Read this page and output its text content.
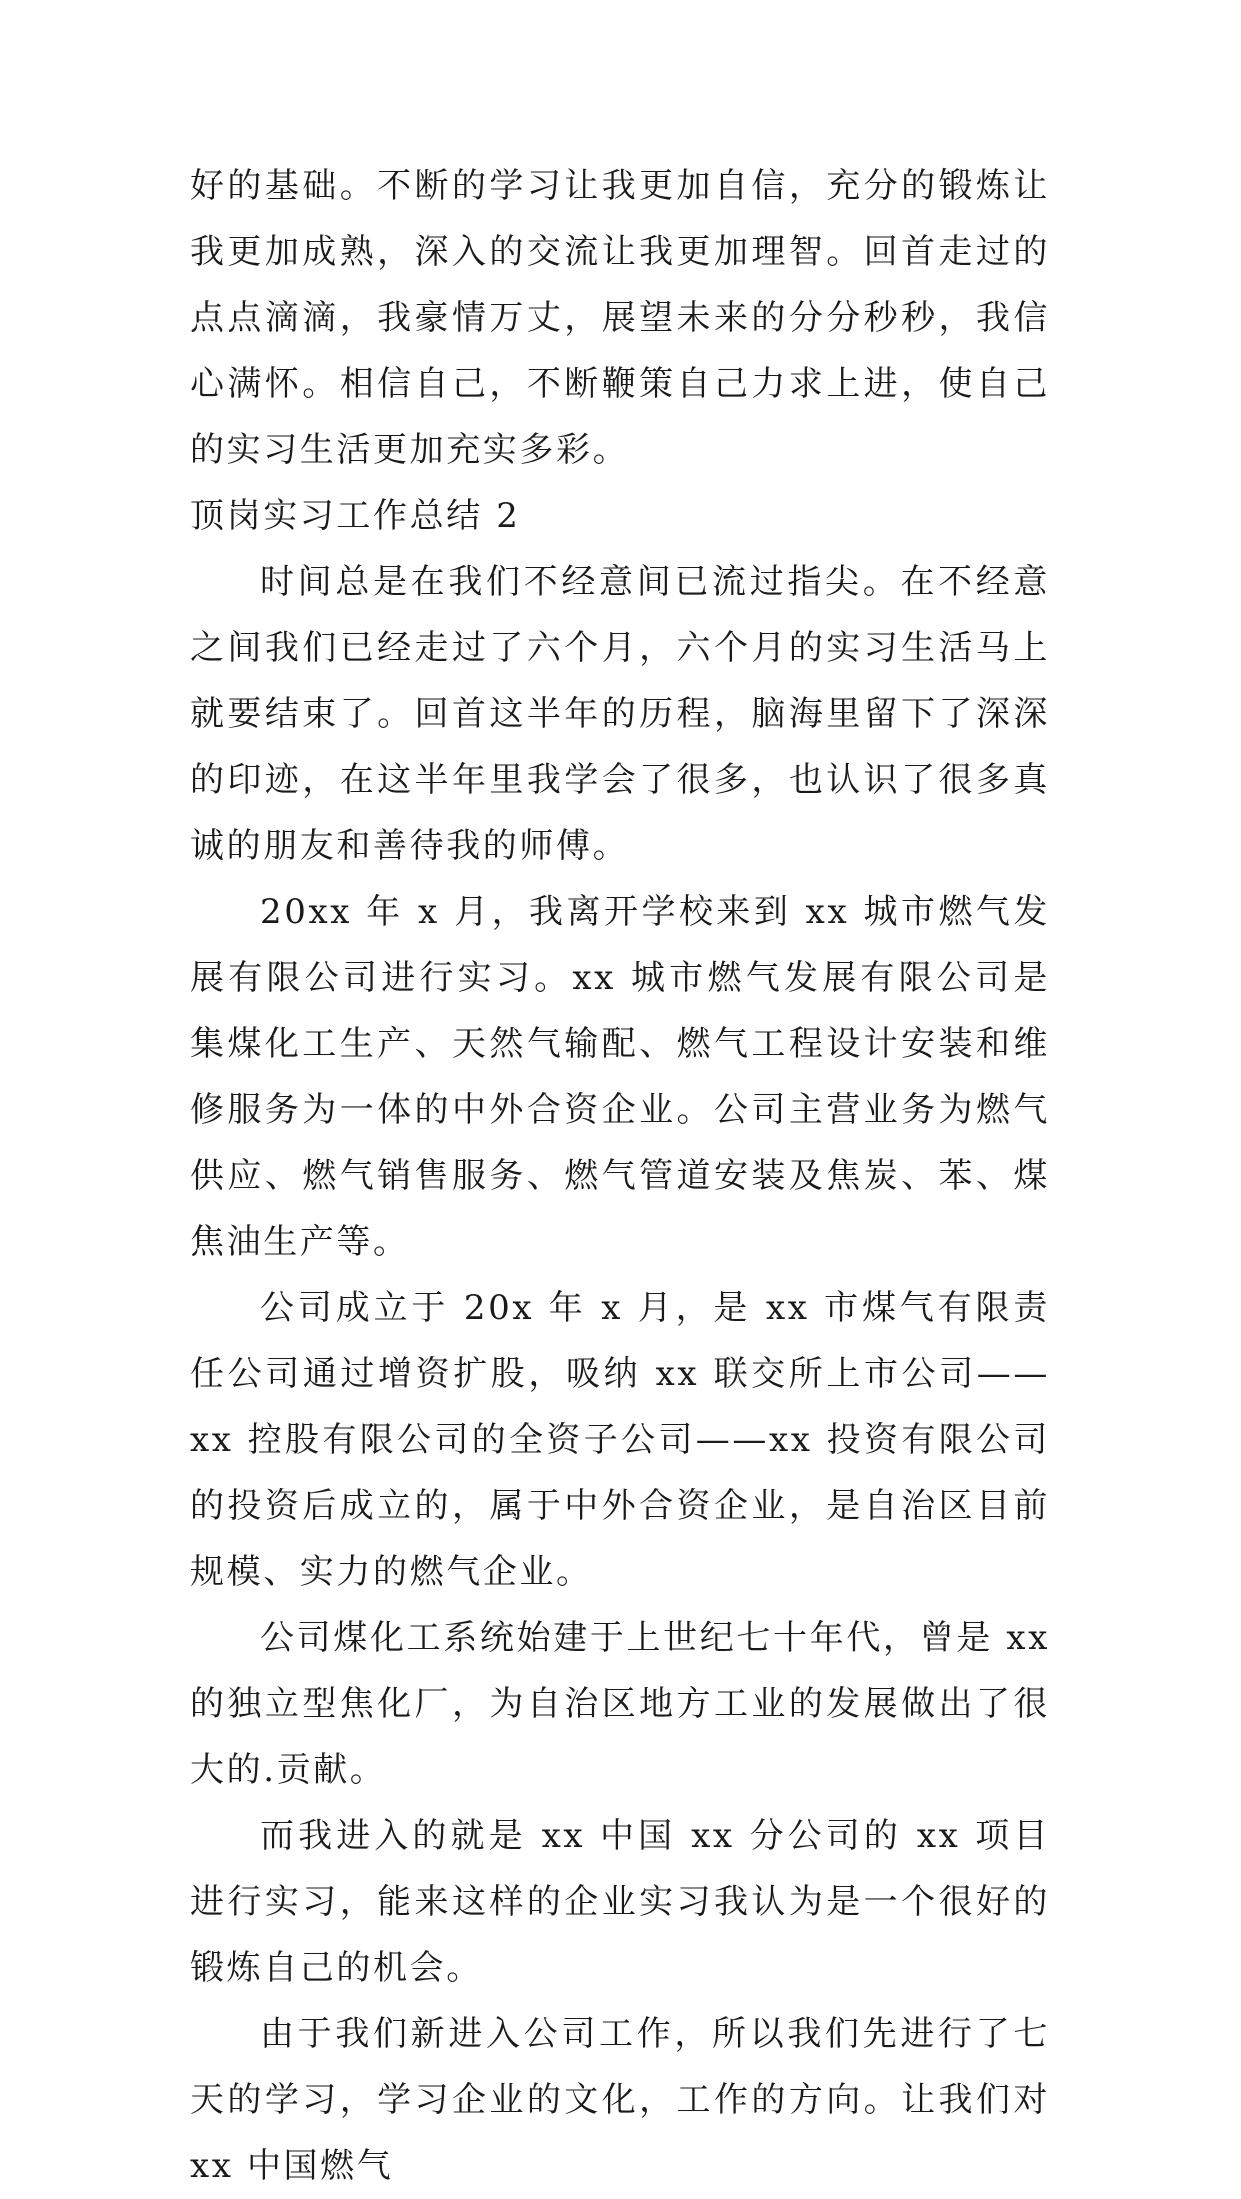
好的基础。不断的学习让我更加自信，充分的锻炼让我更加成熟，深入的交流让我更加理智。回首走过的点点滴滴，我豪情万丈，展望未来的分分秒秒，我信心满怀。相信自己，不断鞭策自己力求上进，使自己的实习生活更加充实多彩。

顶岗实习工作总结 2

时间总是在我们不经意间已流过指尖。在不经意之间我们已经走过了六个月，六个月的实习生活马上就要结束了。回首这半年的历程，脑海里留下了深深的印迹，在这半年里我学会了很多，也认识了很多真诚的朋友和善待我的师傅。

20xx 年 x 月，我离开学校来到 xx 城市燃气发展有限公司进行实习。xx 城市燃气发展有限公司是集煤化工生产、天然气输配、燃气工程设计安装和维修服务为一体的中外合资企业。公司主营业务为燃气供应、燃气销售服务、燃气管道安装及焦炭、苯、煤焦油生产等。

公司成立于 20x 年 x 月，是 xx 市煤气有限责任公司通过增资扩股，吸纳 xx 联交所上市公司——xx 控股有限公司的全资子公司——xx 投资有限公司的投资后成立的，属于中外合资企业，是自治区目前规模、实力的燃气企业。

公司煤化工系统始建于上世纪七十年代，曾是 xx 的独立型焦化厂，为自治区地方工业的发展做出了很大的.贡献。

而我进入的就是 xx 中国 xx 分公司的 xx 项目进行实习，能来这样的企业实习我认为是一个很好的锻炼自己的机会。

由于我们新进入公司工作，所以我们先进行了七天的学习，学习企业的文化，工作的方向。让我们对 xx 中国燃气
